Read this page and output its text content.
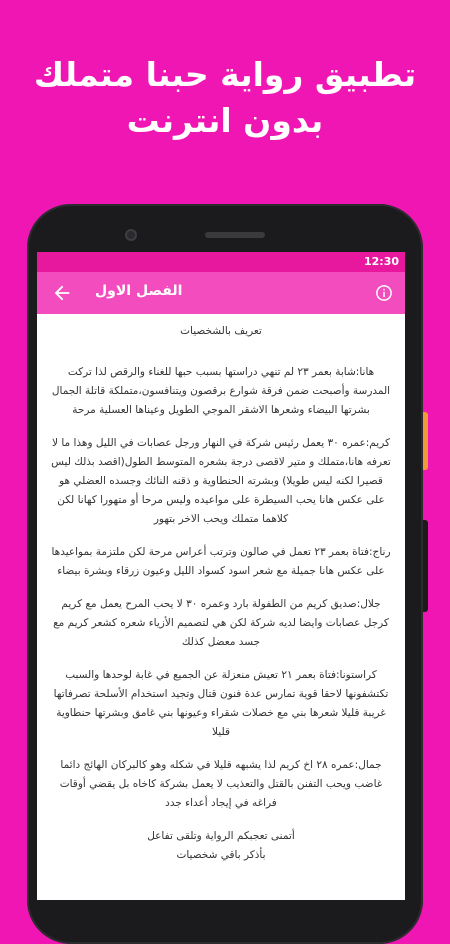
تطبيق رواية حبنا متملك
بدون انترنت
12:30
الفصل الاول

تعريف بالشخصيات

هانا:شابة بعمر ٢٣ لم تنهي دراستها بسبب حبها للغناء والرقص لذا تركت المدرسة وأصبحت ضمن فرقة شوارع برقصون ويتنافسون،متملكة قاتلة الجمال بشرتها البيضاء وشعرها الاشقر الموجي الطويل وعيناها العسلية مرحة

كريم:عمره ٣٠ يعمل رئيس شركة في النهار ورجل عصابات في الليل وهذا ما لا تعرفه هانا،متملك و متير لاقصى درجة بشعره المتوسط الطول(اقصد بذلك ليس قصيرا لكنه ليس طويلا) وبشرته الحنطاوية و ذقنه النائك وجسده العضلي هو على عكس هانا يحب السيطرة على مواعيده وليس مرحا أو متهورا كهانا لكن كلاهما متملك ويحب الاخر بتهور

رناج:فتاة بعمر ٢٣ تعمل في صالون وترتب أعراس مرحة لكن ملتزمة بمواعيدها على عكس هانا جميلة مع شعر اسود كسواد الليل وعيون زرقاء وبشرة بيضاء

جلال:صديق كريم من الطفولة بارد وعمره ٣٠ لا يحب المرح يعمل مع كريم كرجل عصابات وايضا لديه شركة لكن هي لتصميم الأزياء شعره كشعر كريم مع جسد معضل كذلك

كراستونا:فتاة بعمر ٢١ تعيش منعزلة عن الجميع في غابة لوحدها والسبب تكتشفونها لاحقا قوية تمارس عدة فنون قتال وتجيد استخدام الأسلحة تصرفاتها غريبة قليلا شعرها بني مع خصلات شقراء وعيونها بني غامق وبشرتها حنطاوية قليلا

جمال:عمره ٢٨ اخ كريم لذا يشبهه قليلا في شكله وهو كالبركان الهائج دائما غاضب ويحب التفنن بالقتل والتعذيب لا يعمل بشركة كاخاه بل يقضي أوقات فراغه في إيجاد أعداء جدد

أتمنى تعجبكم الرواية وتلقى تفاعل

بأذكر باقي شخصيات
